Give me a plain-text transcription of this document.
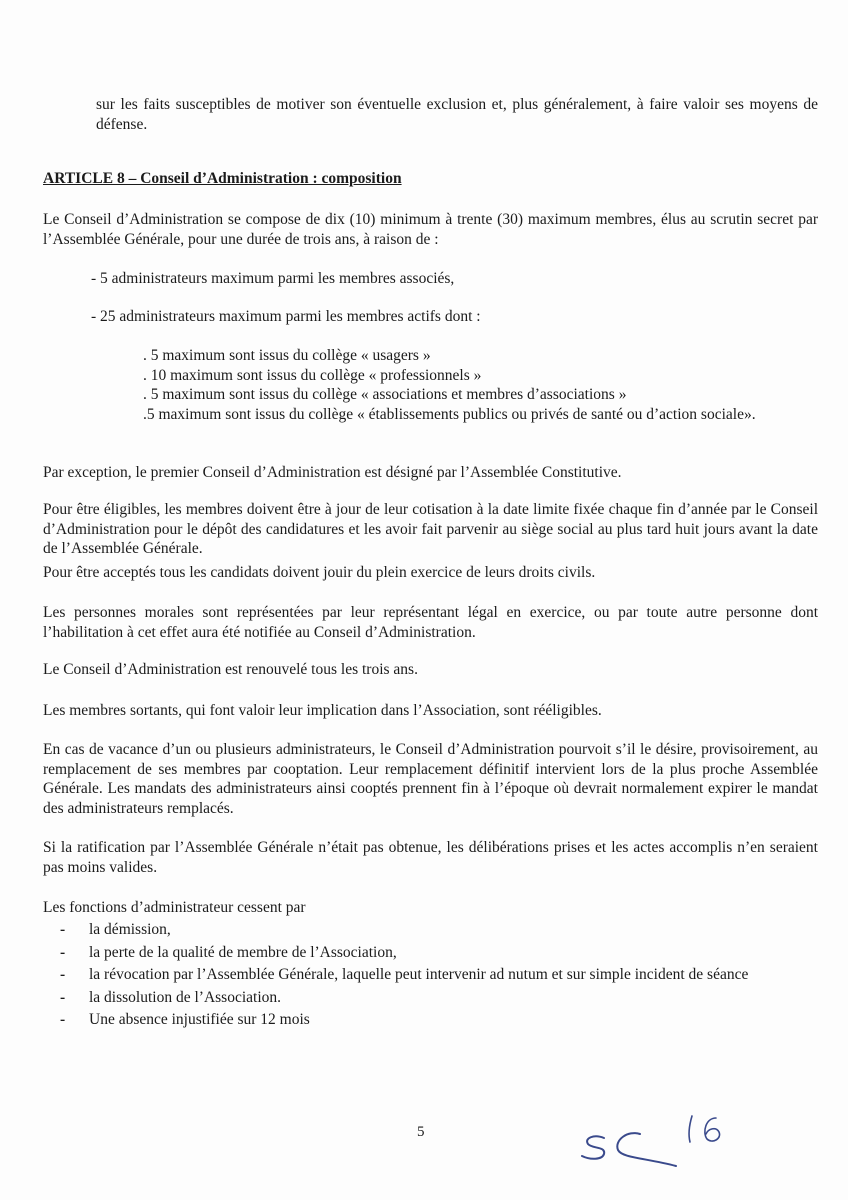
sur les faits susceptibles de motiver son éventuelle exclusion et, plus généralement, à faire valoir ses moyens de défense.

ARTICLE 8 – Conseil d’Administration : composition

Le Conseil d’Administration se compose de dix (10) minimum à trente (30) maximum membres, élus au scrutin secret par l’Assemblée Générale, pour une durée de trois ans, à raison de :

- 5 administrateurs maximum parmi les membres associés,

- 25 administrateurs maximum parmi les membres actifs dont :

. 5 maximum sont issus du collège « usagers »
. 10 maximum sont issus du collège « professionnels »
. 5 maximum sont issus du collège « associations et membres d’associations »
.5 maximum sont issus du collège « établissements publics ou privés de santé ou d’action sociale».

Par exception, le premier Conseil d’Administration est désigné par l’Assemblée Constitutive.

Pour être éligibles, les membres doivent être à jour de leur cotisation à la date limite fixée chaque fin d’année par le Conseil d’Administration pour le dépôt des candidatures et les avoir fait parvenir au siège social au plus tard huit jours avant la date de l’Assemblée Générale.

Pour être acceptés tous les candidats doivent jouir du plein exercice de leurs droits civils.

Les personnes morales sont représentées par leur représentant légal en exercice, ou par toute autre personne dont l’habilitation à cet effet aura été notifiée au Conseil d’Administration.

Le Conseil d’Administration est renouvelé tous les trois ans.

Les membres sortants, qui font valoir leur implication dans l’Association, sont rééligibles.

En cas de vacance d’un ou plusieurs administrateurs, le Conseil d’Administration pourvoit s’il le désire, provisoirement, au remplacement de ses membres par cooptation. Leur remplacement définitif intervient lors de la plus proche Assemblée Générale. Les mandats des administrateurs ainsi cooptés prennent fin à l’époque où devrait normalement expirer le mandat des administrateurs remplacés.

Si la ratification par l’Assemblée Générale n’était pas obtenue, les délibérations prises et les actes accomplis n’en seraient pas moins valides.

Les fonctions d’administrateur cessent par

- la démission,
- la perte de la qualité de membre de l’Association,
- la révocation par l’Assemblée Générale, laquelle peut intervenir ad nutum et sur simple incident de séance
- la dissolution de l’Association.
- Une absence injustifiée sur 12 mois
5
